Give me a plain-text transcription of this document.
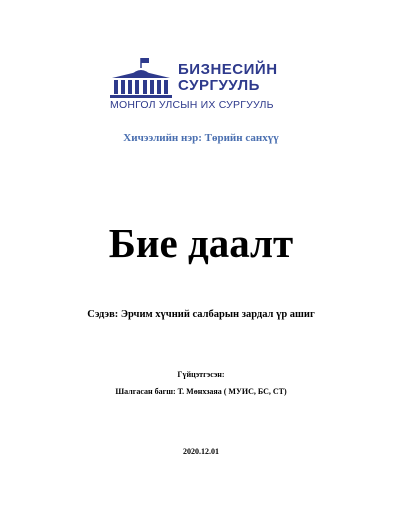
БИЗНЕСИЙН
СУРГУУЛЬ
МОНГОЛ УЛСЫН ИХ СУРГУУЛЬ
Хичээлийн нэр: Төрийн санхүү
Бие даалт
Сэдэв: Эрчим хүчний салбарын зардал үр ашиг
Гүйцэтгэсэн:
Шалгасан багш: Т. Мөнхзаяа ( МУИС, БС, СТ)
2020.12.01
